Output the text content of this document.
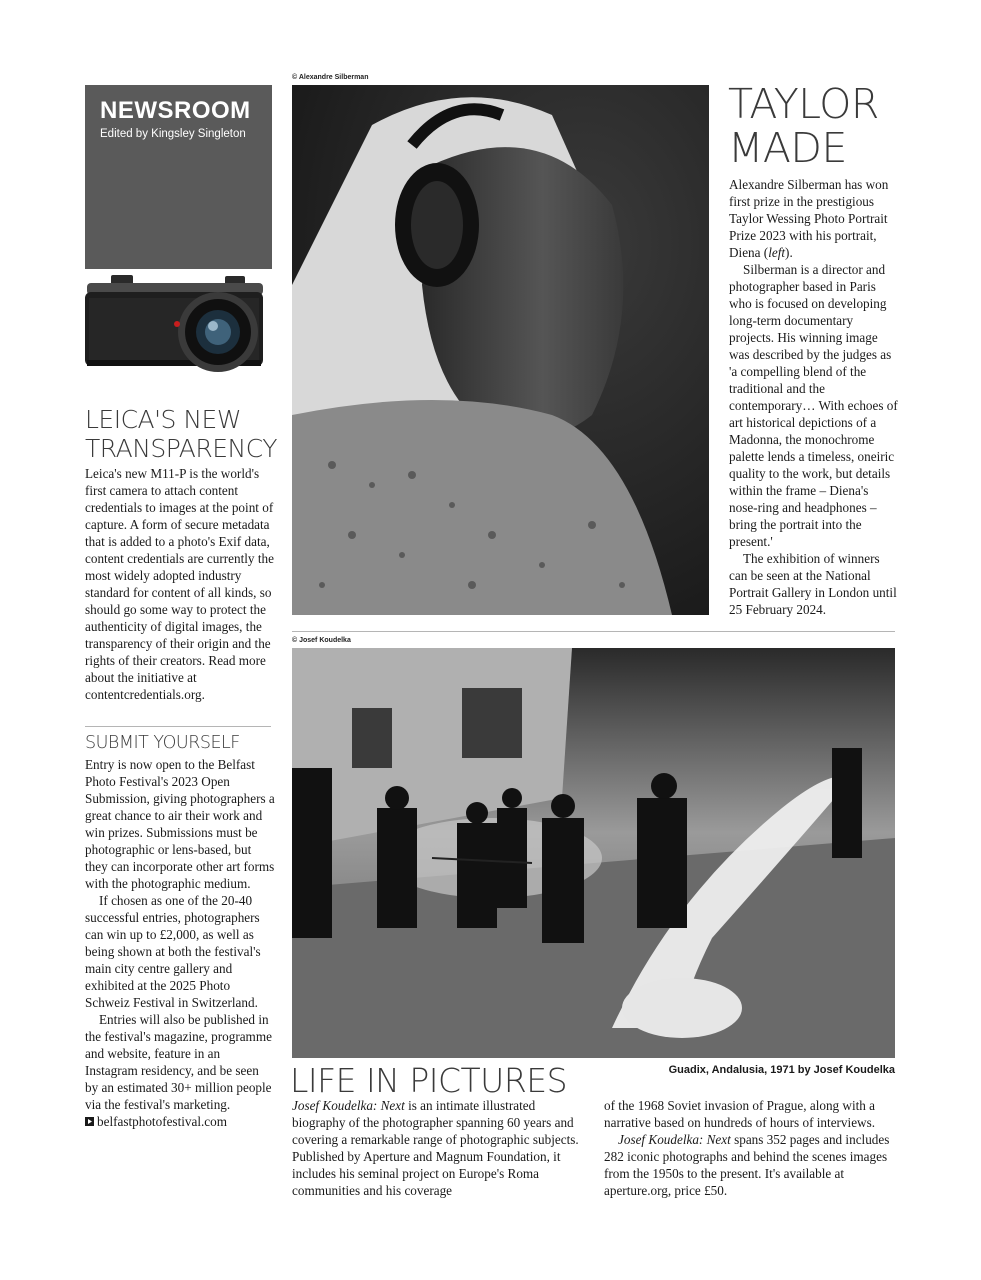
NEWSROOM
Edited by Kingsley Singleton
LEICA'S NEW
TRANSPARENCY
Leica's new M11-P is the world's first camera to attach content credentials to images at the point of capture. A form of secure metadata that is added to a photo's Exif data, content credentials are currently the most widely adopted industry standard for content of all kinds, so should go some way to protect the authenticity of digital images, the transparency of their origin and the rights of their creators. Read more about the initiative at contentcredentials.org.
SUBMIT YOURSELF

Entry is now open to the Belfast Photo Festival's 2023 Open Submission, giving photographers a great chance to air their work and win prizes. Submissions must be photographic or lens-based, but they can incorporate other art forms with the photographic medium.

If chosen as one of the 20-40 successful entries, photographers can win up to £2,000, as well as being shown at both the festival's main city centre gallery and exhibited at the 2025 Photo Schweiz Festival in Switzerland.

Entries will also be published in the festival's magazine, programme and website, feature in an Instagram residency, and be seen by an estimated 30+ million people via the festival's marketing.

belfastphotofestival.com

© Alexandre Silberman
TAYLOR
MADE

Alexandre Silberman has won first prize in the prestigious Taylor Wessing Photo Portrait Prize 2023 with his portrait, Diena (left).

Silberman is a director and photographer based in Paris who is focused on developing long-term documentary projects. His winning image was described by the judges as 'a compelling blend of the traditional and the contemporary… With echoes of art historical depictions of a Madonna, the monochrome palette lends a timeless, oneiric quality to the work, but details within the frame – Diena's nose-ring and headphones – bring the portrait into the present.'

The exhibition of winners can be seen at the National Portrait Gallery in London until 25 February 2024.

© Josef Koudelka
Guadix, Andalusia, 1971 by Josef Koudelka
LIFE IN PICTURES

Josef Koudelka: Next is an intimate illustrated biography of the photographer spanning 60 years and covering a remarkable range of photographic subjects. Published by Aperture and Magnum Foundation, it includes his seminal project on Europe's Roma communities and his coverage

of the 1968 Soviet invasion of Prague, along with a narrative based on hundreds of hours of interviews.

Josef Koudelka: Next spans 352 pages and includes 282 iconic photographs and behind the scenes images from the 1950s to the present. It's available at aperture.org, price £50.
